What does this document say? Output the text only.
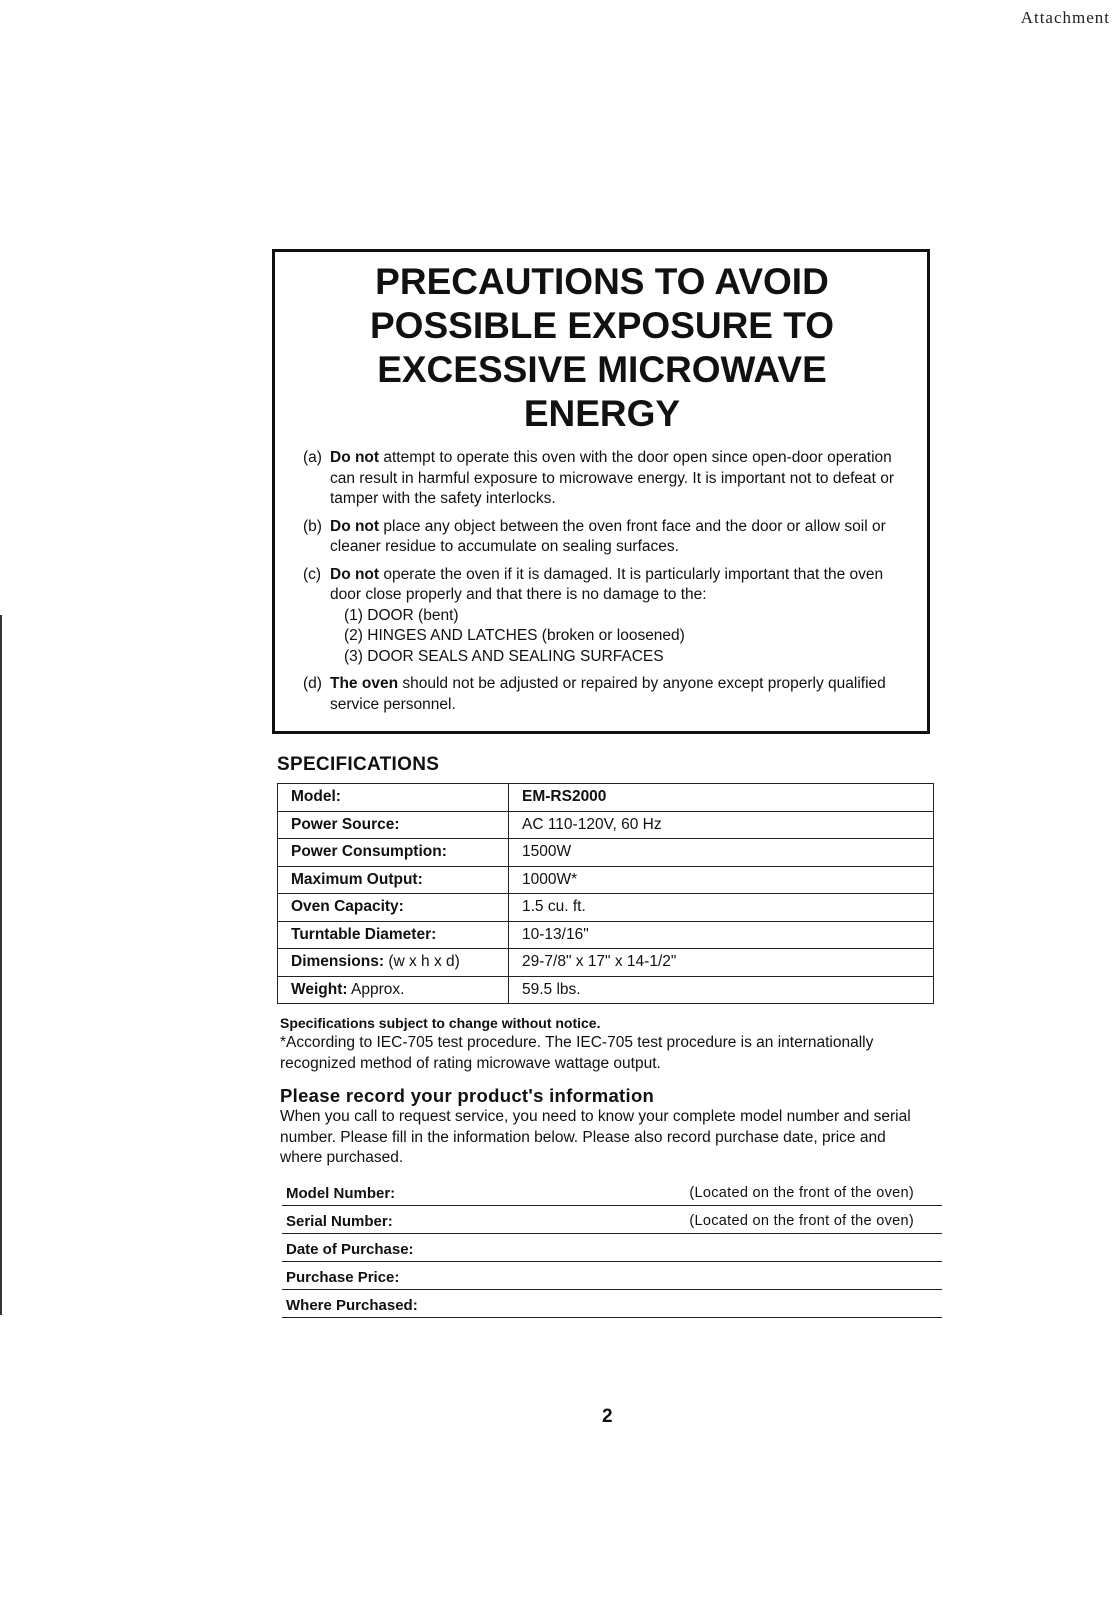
Attachment
PRECAUTIONS TO AVOID
POSSIBLE EXPOSURE TO
EXCESSIVE MICROWAVE
ENERGY
(a) Do not attempt to operate this oven with the door open since open-door operation can result in harmful exposure to microwave energy. It is important not to defeat or tamper with the safety interlocks.
(b) Do not place any object between the oven front face and the door or allow soil or cleaner residue to accumulate on sealing surfaces.
(c) Do not operate the oven if it is damaged. It is particularly important that the oven door close properly and that there is no damage to the:
(1) DOOR (bent)
(2) HINGES AND LATCHES (broken or loosened)
(3) DOOR SEALS AND SEALING SURFACES
(d) The oven should not be adjusted or repaired by anyone except properly qualified service personnel.
SPECIFICATIONS
Model:	EM-RS2000
Power Source:	AC 110-120V, 60 Hz
Power Consumption:	1500W
Maximum Output:	1000W*
Oven Capacity:	1.5 cu. ft.
Turntable Diameter:	10-13/16"
Dimensions: (w x h x d)	29-7/8" x 17" x 14-1/2"
Weight: Approx.	59.5 lbs.

Specifications subject to change without notice.

*According to IEC-705 test procedure. The IEC-705 test procedure is an internationally recognized method of rating microwave wattage output.

Please record your product's information

When you call to request service, you need to know your complete model number and serial number. Please fill in the information below. Please also record purchase date, price and where purchased.

Model Number:	(Located on the front of the oven)
Serial Number:	(Located on the front of the oven)
Date of Purchase:
Purchase Price:
Where Purchased:

2
